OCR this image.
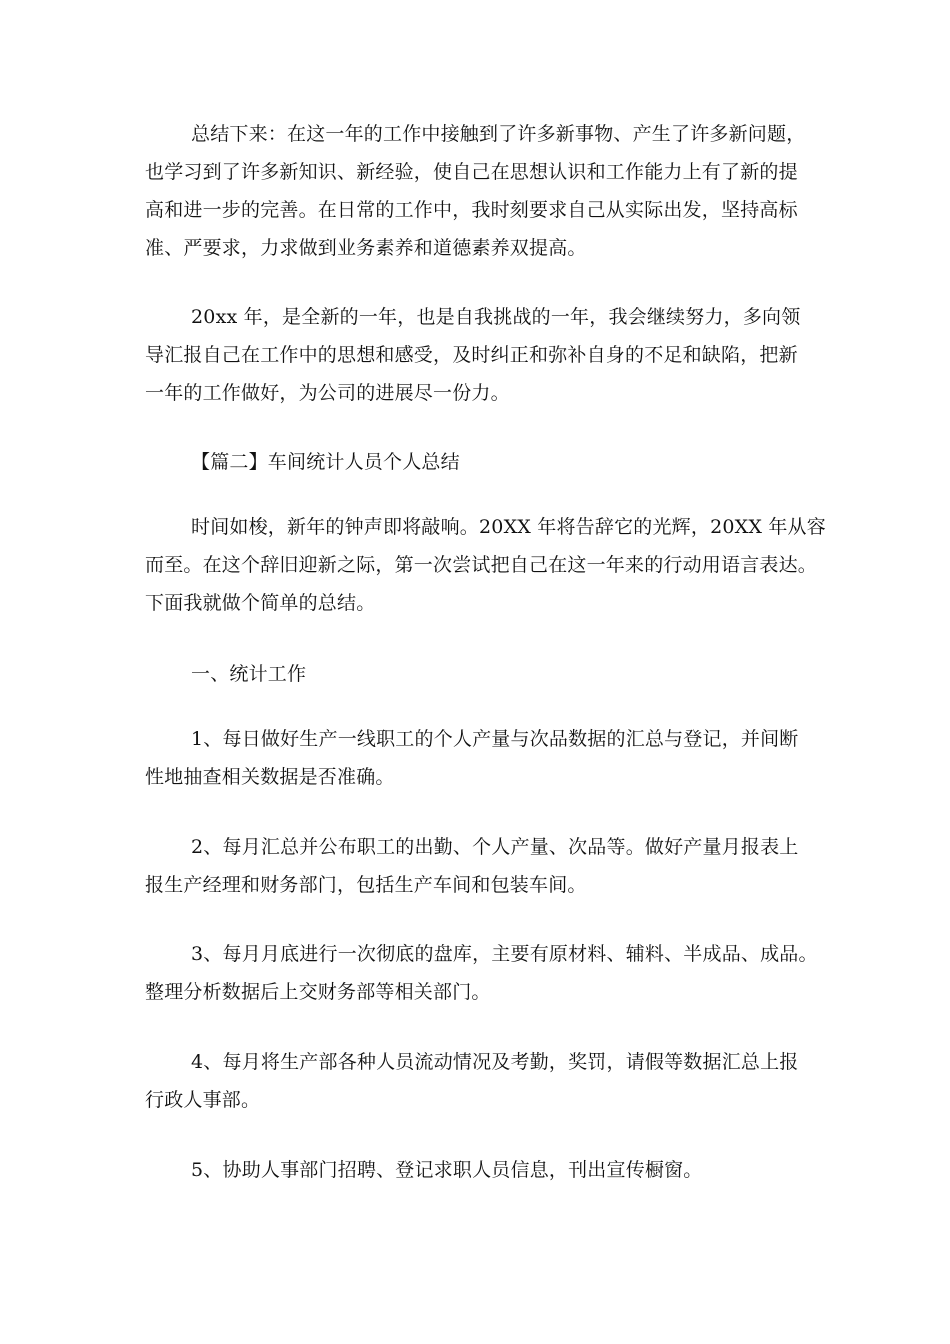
总结下来：在这一年的工作中接触到了许多新事物、产生了许多新问题，
也学习到了许多新知识、新经验，使自己在思想认识和工作能力上有了新的提
高和进一步的完善。在日常的工作中，我时刻要求自己从实际出发，坚持高标
准、严要求，力求做到业务素养和道德素养双提高。

20xx 年，是全新的一年，也是自我挑战的一年，我会继续努力，多向领
导汇报自己在工作中的思想和感受，及时纠正和弥补自身的不足和缺陷，把新
一年的工作做好，为公司的进展尽一份力。

【篇二】车间统计人员个人总结

时间如梭，新年的钟声即将敲响。20XX 年将告辞它的光辉，20XX 年从容
而至。在这个辞旧迎新之际，第一次尝试把自己在这一年来的行动用语言表达。
下面我就做个简单的总结。

一、统计工作

1、每日做好生产一线职工的个人产量与次品数据的汇总与登记，并间断
性地抽查相关数据是否准确。

2、每月汇总并公布职工的出勤、个人产量、次品等。做好产量月报表上
报生产经理和财务部门，包括生产车间和包装车间。

3、每月月底进行一次彻底的盘库，主要有原材料、辅料、半成品、成品。
整理分析数据后上交财务部等相关部门。

4、每月将生产部各种人员流动情况及考勤，奖罚，请假等数据汇总上报
行政人事部。

5、协助人事部门招聘、登记求职人员信息，刊出宣传橱窗。
